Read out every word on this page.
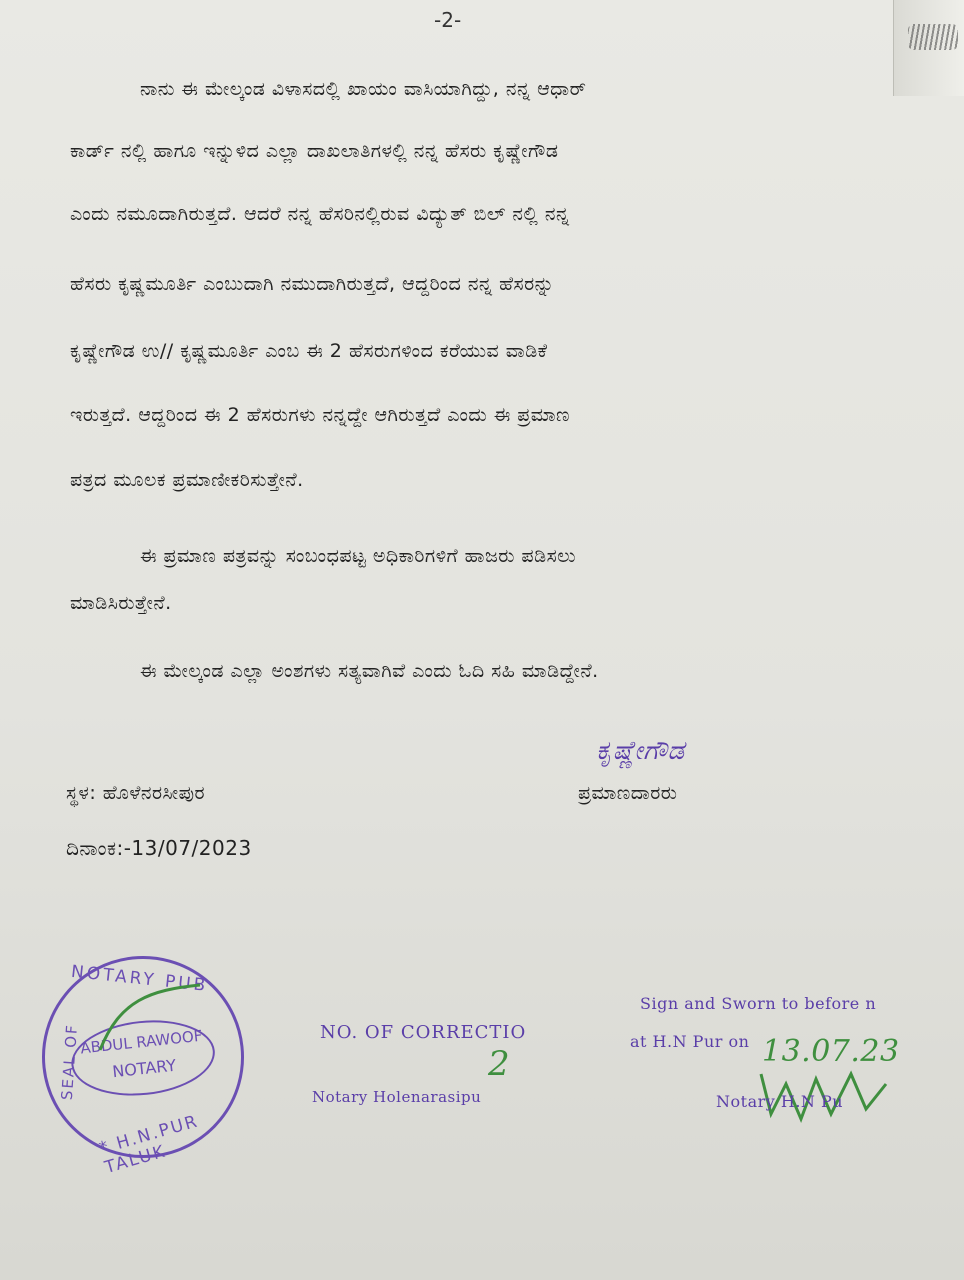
-2-
ನಾನು ಈ ಮೇಲ್ಕಂಡ ವಿಳಾಸದಲ್ಲಿ ಖಾಯಂ ವಾಸಿಯಾಗಿದ್ದು, ನನ್ನ ಆಧಾರ್
ಕಾರ್ಡ್ ನಲ್ಲಿ ಹಾಗೂ ಇನ್ನುಳಿದ ಎಲ್ಲಾ ದಾಖಲಾತಿಗಳಲ್ಲಿ ನನ್ನ ಹೆಸರು ಕೃಷ್ಣೇಗೌಡ
ಎಂದು ನಮೂದಾಗಿರುತ್ತದೆ. ಆದರೆ ನನ್ನ ಹೆಸರಿನಲ್ಲಿರುವ ವಿದ್ಯುತ್ ಬಿಲ್ ನಲ್ಲಿ ನನ್ನ
ಹೆಸರು ಕೃಷ್ಣಮೂರ್ತಿ ಎಂಬುದಾಗಿ ನಮುದಾಗಿರುತ್ತದೆ, ಆದ್ದರಿಂದ ನನ್ನ ಹೆಸರನ್ನು
ಕೃಷ್ಣೇಗೌಡ ಉ// ಕೃಷ್ಣಮೂರ್ತಿ ಎಂಬ ಈ 2 ಹೆಸರುಗಳಿಂದ ಕರೆಯುವ ವಾಡಿಕೆ
ಇರುತ್ತದೆ. ಆದ್ದರಿಂದ ಈ 2 ಹೆಸರುಗಳು ನನ್ನದ್ದೇ ಆಗಿರುತ್ತದೆ ಎಂದು ಈ ಪ್ರಮಾಣ
ಪತ್ರದ ಮೂಲಕ ಪ್ರಮಾಣೀಕರಿಸುತ್ತೇನೆ.
ಈ ಪ್ರಮಾಣ ಪತ್ರವನ್ನು ಸಂಬಂಧಪಟ್ಟ ಅಧಿಕಾರಿಗಳಿಗೆ ಹಾಜರು ಪಡಿಸಲು
ಮಾಡಿಸಿರುತ್ತೇನೆ.
ಈ ಮೇಲ್ಕಂಡ ಎಲ್ಲಾ ಅಂಶಗಳು ಸತ್ಯವಾಗಿವೆ ಎಂದು ಓದಿ ಸಹಿ ಮಾಡಿದ್ದೇನೆ.
ಕೃಷ್ಣೇಗೌಡ
ಪ್ರಮಾಣದಾರರು
ಸ್ಥಳ: ಹೊಳೆನರಸೀಪುರ
ದಿನಾಂಕ:-13/07/2023
NOTARY PUB
SEAL OF
ABDUL RAWOOF
NOTARY
* H.N.PUR TALUK
NO. OF CORRECTIO
2
Notary Holenarasipu
Sign and Sworn to before n
at H.N Pur on 13.07.23
Notary H.N Pu
